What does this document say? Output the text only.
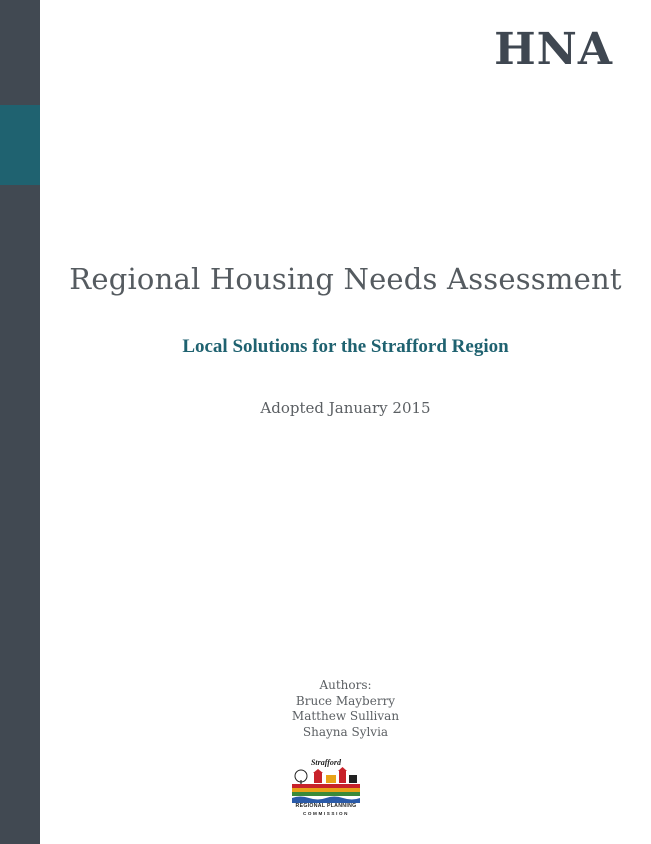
HNA
Regional Housing Needs Assessment
Local Solutions for the Strafford Region
Adopted January 2015
Authors:
Bruce Mayberry
Matthew Sullivan
Shayna Sylvia
Strafford
REGIONAL PLANNING
COMMISSION
